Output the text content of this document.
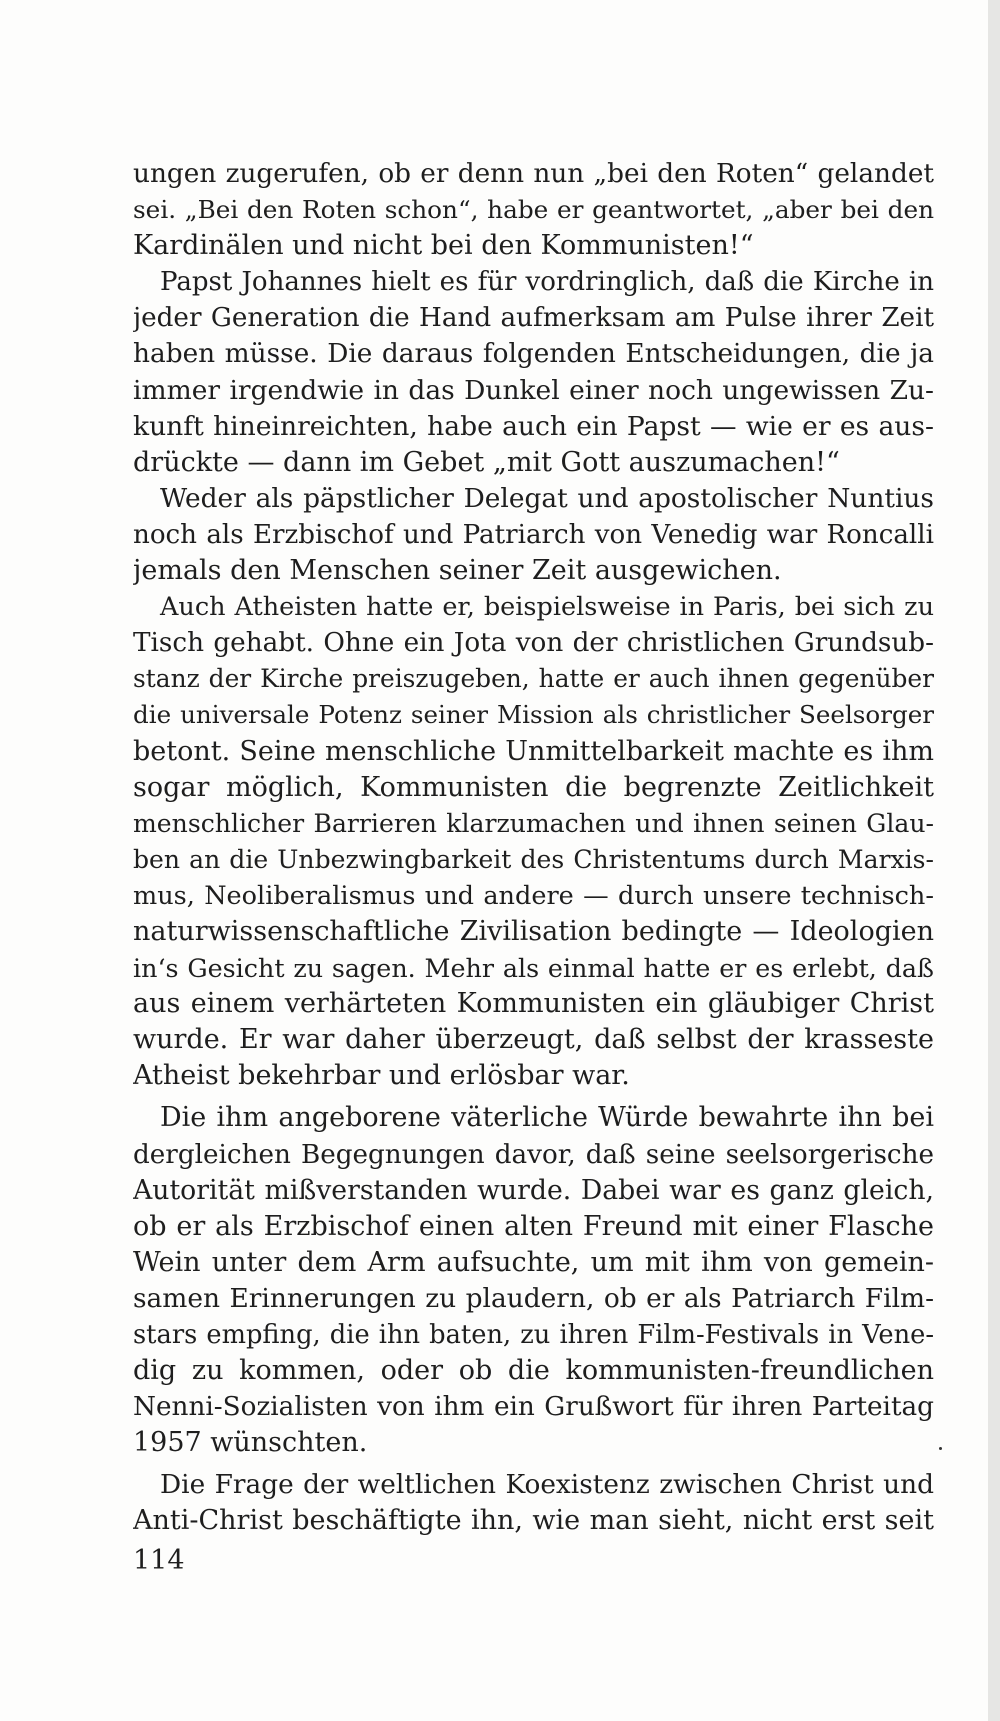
ungen zugerufen, ob er denn nun „bei den Roten“ gelandet
sei. „Bei den Roten schon“, habe er geantwortet, „aber bei den
Kardinälen und nicht bei den Kommunisten!“
Papst Johannes hielt es für vordringlich, daß die Kirche in
jeder Generation die Hand aufmerksam am Pulse ihrer Zeit
haben müsse. Die daraus folgenden Entscheidungen, die ja
immer irgendwie in das Dunkel einer noch ungewissen Zu-
kunft hineinreichten, habe auch ein Papst — wie er es aus-
drückte — dann im Gebet „mit Gott auszumachen!“
Weder als päpstlicher Delegat und apostolischer Nuntius
noch als Erzbischof und Patriarch von Venedig war Roncalli
jemals den Menschen seiner Zeit ausgewichen.
Auch Atheisten hatte er, beispielsweise in Paris, bei sich zu
Tisch gehabt. Ohne ein Jota von der christlichen Grundsub-
stanz der Kirche preiszugeben, hatte er auch ihnen gegenüber
die universale Potenz seiner Mission als christlicher Seelsorger
betont. Seine menschliche Unmittelbarkeit machte es ihm
sogar möglich, Kommunisten die begrenzte Zeitlichkeit
menschlicher Barrieren klarzumachen und ihnen seinen Glau-
ben an die Unbezwingbarkeit des Christentums durch Marxis-
mus, Neoliberalismus und andere — durch unsere technisch-
naturwissenschaftliche Zivilisation bedingte — Ideologien
in‘s Gesicht zu sagen. Mehr als einmal hatte er es erlebt, daß
aus einem verhärteten Kommunisten ein gläubiger Christ
wurde. Er war daher überzeugt, daß selbst der krasseste
Atheist bekehrbar und erlösbar war.
Die ihm angeborene väterliche Würde bewahrte ihn bei
dergleichen Begegnungen davor, daß seine seelsorgerische
Autorität mißverstanden wurde. Dabei war es ganz gleich,
ob er als Erzbischof einen alten Freund mit einer Flasche
Wein unter dem Arm aufsuchte, um mit ihm von gemein-
samen Erinnerungen zu plaudern, ob er als Patriarch Film-
stars empfing, die ihn baten, zu ihren Film-Festivals in Vene-
dig zu kommen, oder ob die kommunisten-freundlichen
Nenni-Sozialisten von ihm ein Grußwort für ihren Parteitag
1957 wünschten.
Die Frage der weltlichen Koexistenz zwischen Christ und
Anti-Christ beschäftigte ihn, wie man sieht, nicht erst seit
114
